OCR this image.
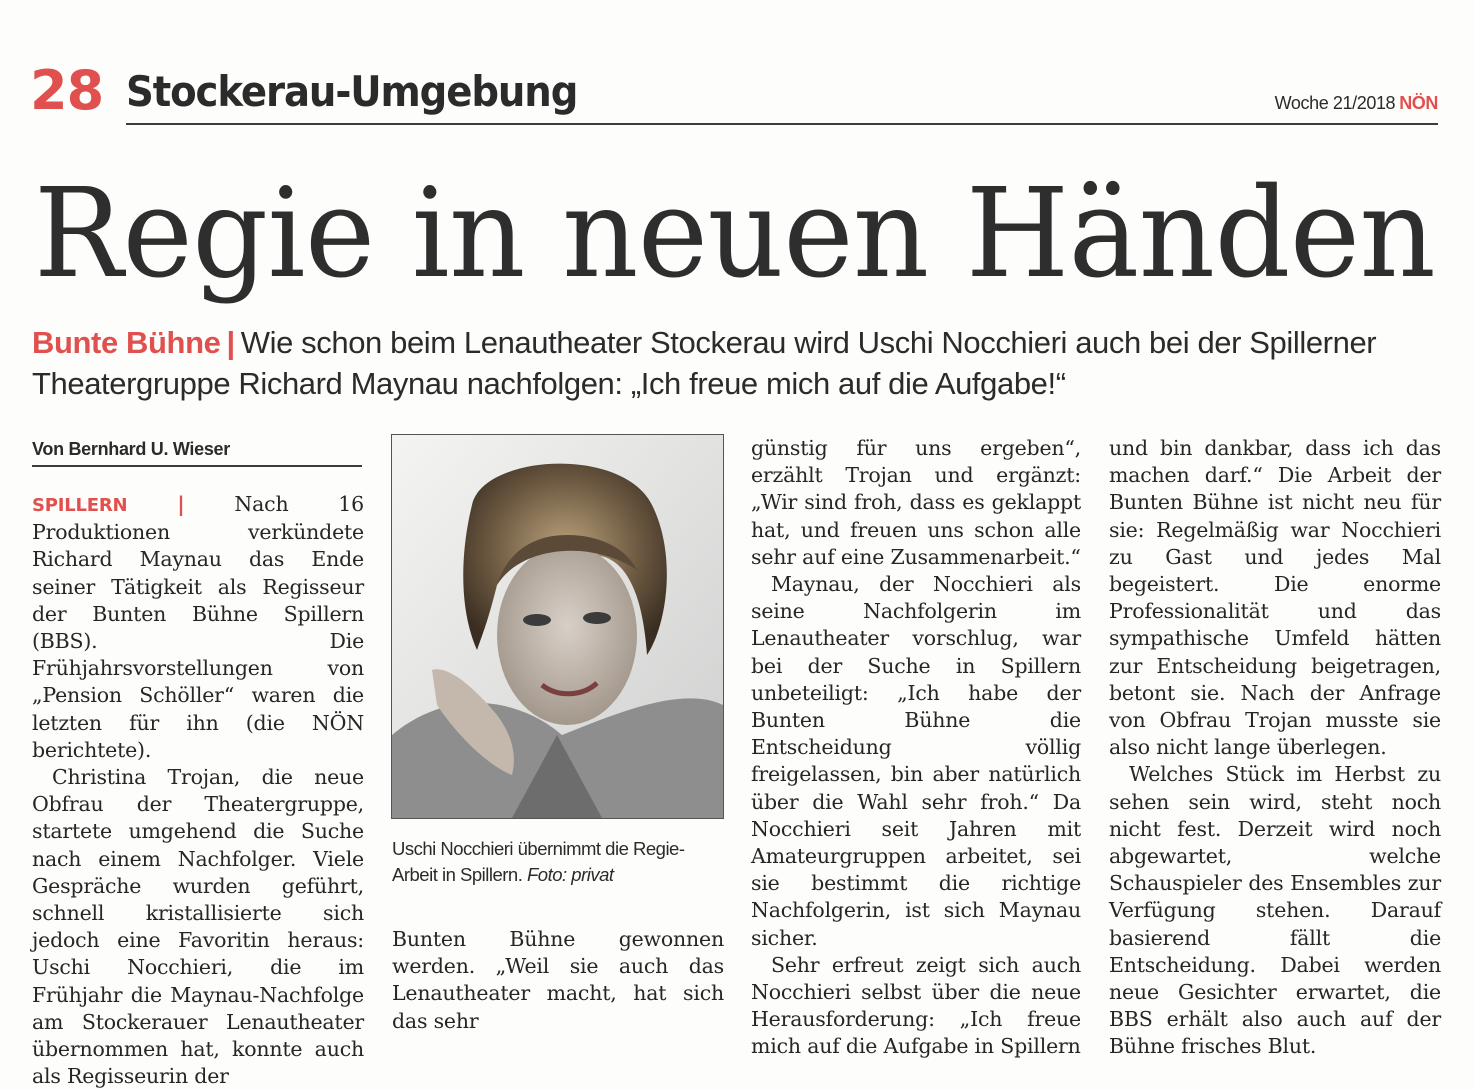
28 Stockerau-Umgebung	Woche 21/2018 NÖN
Regie in neuen Händen
Bunte Bühne | Wie schon beim Lenautheater Stockerau wird Uschi Nocchieri auch bei der Spillerner Theatergruppe Richard Maynau nachfolgen: „Ich freue mich auf die Aufgabe!“
Von Bernhard U. Wieser

SPILLERN | Nach 16 Produktionen verkündete Richard Maynau das Ende seiner Tätigkeit als Regisseur der Bunten Bühne Spillern (BBS). Die Frühjahrsvorstellungen von „Pension Schöller“ waren die letzten für ihn (die NÖN berichtete).

Christina Trojan, die neue Obfrau der Theatergruppe, startete umgehend die Suche nach einem Nachfolger. Viele Gespräche wurden geführt, schnell kristallisierte sich jedoch eine Favoritin heraus: Uschi Nocchieri, die im Frühjahr die Maynau-Nachfolge am Stockerauer Lenautheater übernommen hat, konnte auch als Regisseurin der

Uschi Nocchieri übernimmt die Regie-Arbeit in Spillern. Foto: privat

Bunten Bühne gewonnen werden. „Weil sie auch das Lenautheater macht, hat sich das sehr

günstig für uns ergeben“, erzählt Trojan und ergänzt: „Wir sind froh, dass es geklappt hat, und freuen uns schon alle sehr auf eine Zusammenarbeit.“

Maynau, der Nocchieri als seine Nachfolgerin im Lenautheater vorschlug, war bei der Suche in Spillern unbeteiligt: „Ich habe der Bunten Bühne die Entscheidung völlig freigelassen, bin aber natürlich über die Wahl sehr froh.“ Da Nocchieri seit Jahren mit Amateurgruppen arbeitet, sei sie bestimmt die richtige Nachfolgerin, ist sich Maynau sicher.

Sehr erfreut zeigt sich auch Nocchieri selbst über die neue Herausforderung: „Ich freue mich auf die Aufgabe in Spillern

und bin dankbar, dass ich das machen darf.“ Die Arbeit der Bunten Bühne ist nicht neu für sie: Regelmäßig war Nocchieri zu Gast und jedes Mal begeistert. Die enorme Professionalität und das sympathische Umfeld hätten zur Entscheidung beigetragen, betont sie. Nach der Anfrage von Obfrau Trojan musste sie also nicht lange überlegen.

Welches Stück im Herbst zu sehen sein wird, steht noch nicht fest. Derzeit wird noch abgewartet, welche Schauspieler des Ensembles zur Verfügung stehen. Darauf basierend fällt die Entscheidung. Dabei werden neue Gesichter erwartet, die BBS erhält also auch auf der Bühne frisches Blut.
